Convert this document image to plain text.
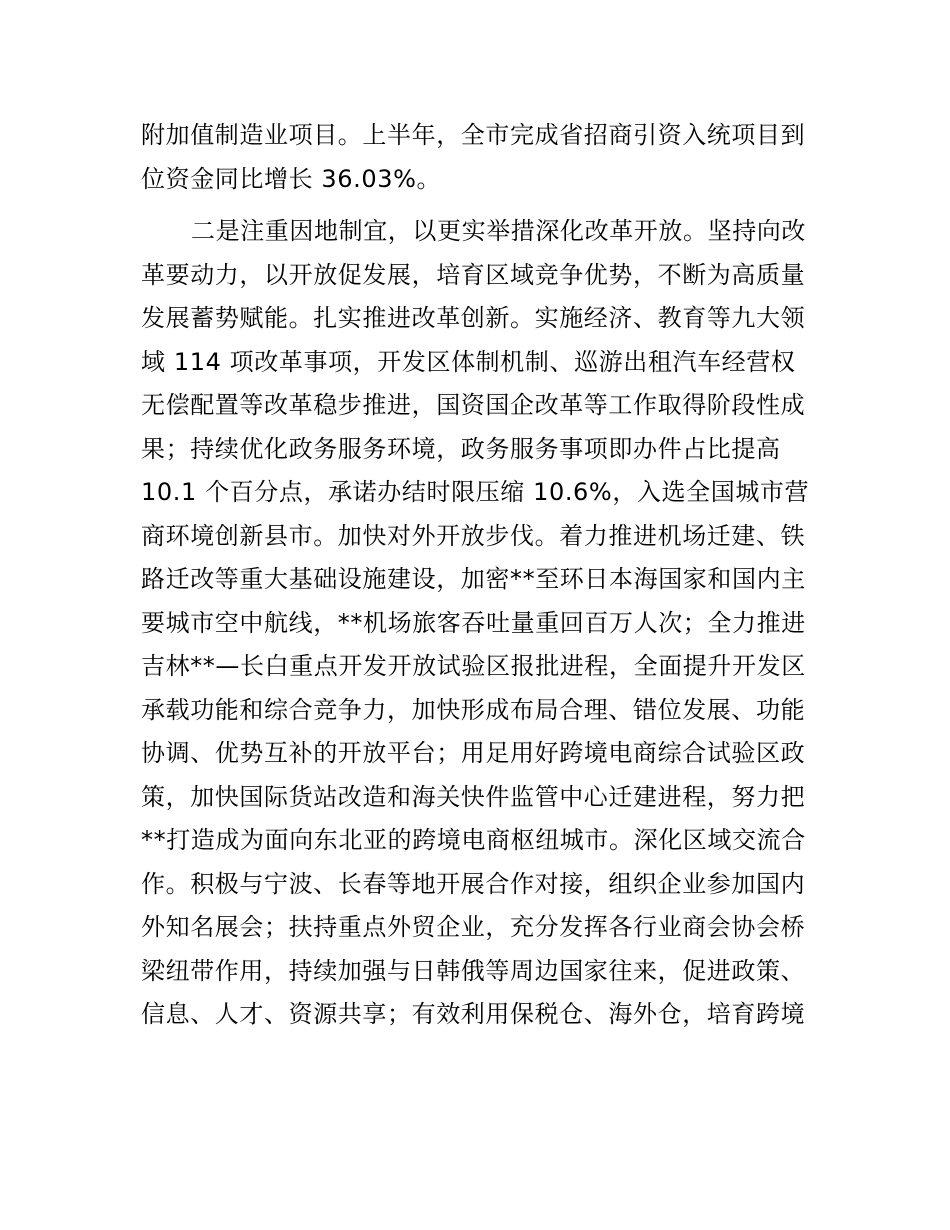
附加值制造业项目。上半年，全市完成省招商引资入统项目到
位资金同比增长 36.03%。
二是注重因地制宜，以更实举措深化改革开放。坚持向改
革要动力，以开放促发展，培育区域竞争优势，不断为高质量
发展蓄势赋能。扎实推进改革创新。实施经济、教育等九大领
域 114 项改革事项，开发区体制机制、巡游出租汽车经营权
无偿配置等改革稳步推进，国资国企改革等工作取得阶段性成
果；持续优化政务服务环境，政务服务事项即办件占比提高
10.1 个百分点，承诺办结时限压缩 10.6%，入选全国城市营
商环境创新县市。加快对外开放步伐。着力推进机场迁建、铁
路迁改等重大基础设施建设，加密**至环日本海国家和国内主
要城市空中航线，**机场旅客吞吐量重回百万人次；全力推进
吉林**—长白重点开发开放试验区报批进程，全面提升开发区
承载功能和综合竞争力，加快形成布局合理、错位发展、功能
协调、优势互补的开放平台；用足用好跨境电商综合试验区政
策，加快国际货站改造和海关快件监管中心迁建进程，努力把
**打造成为面向东北亚的跨境电商枢纽城市。深化区域交流合
作。积极与宁波、长春等地开展合作对接，组织企业参加国内
外知名展会；扶持重点外贸企业，充分发挥各行业商会协会桥
梁纽带作用，持续加强与日韩俄等周边国家往来，促进政策、
信息、人才、资源共享；有效利用保税仓、海外仓，培育跨境
